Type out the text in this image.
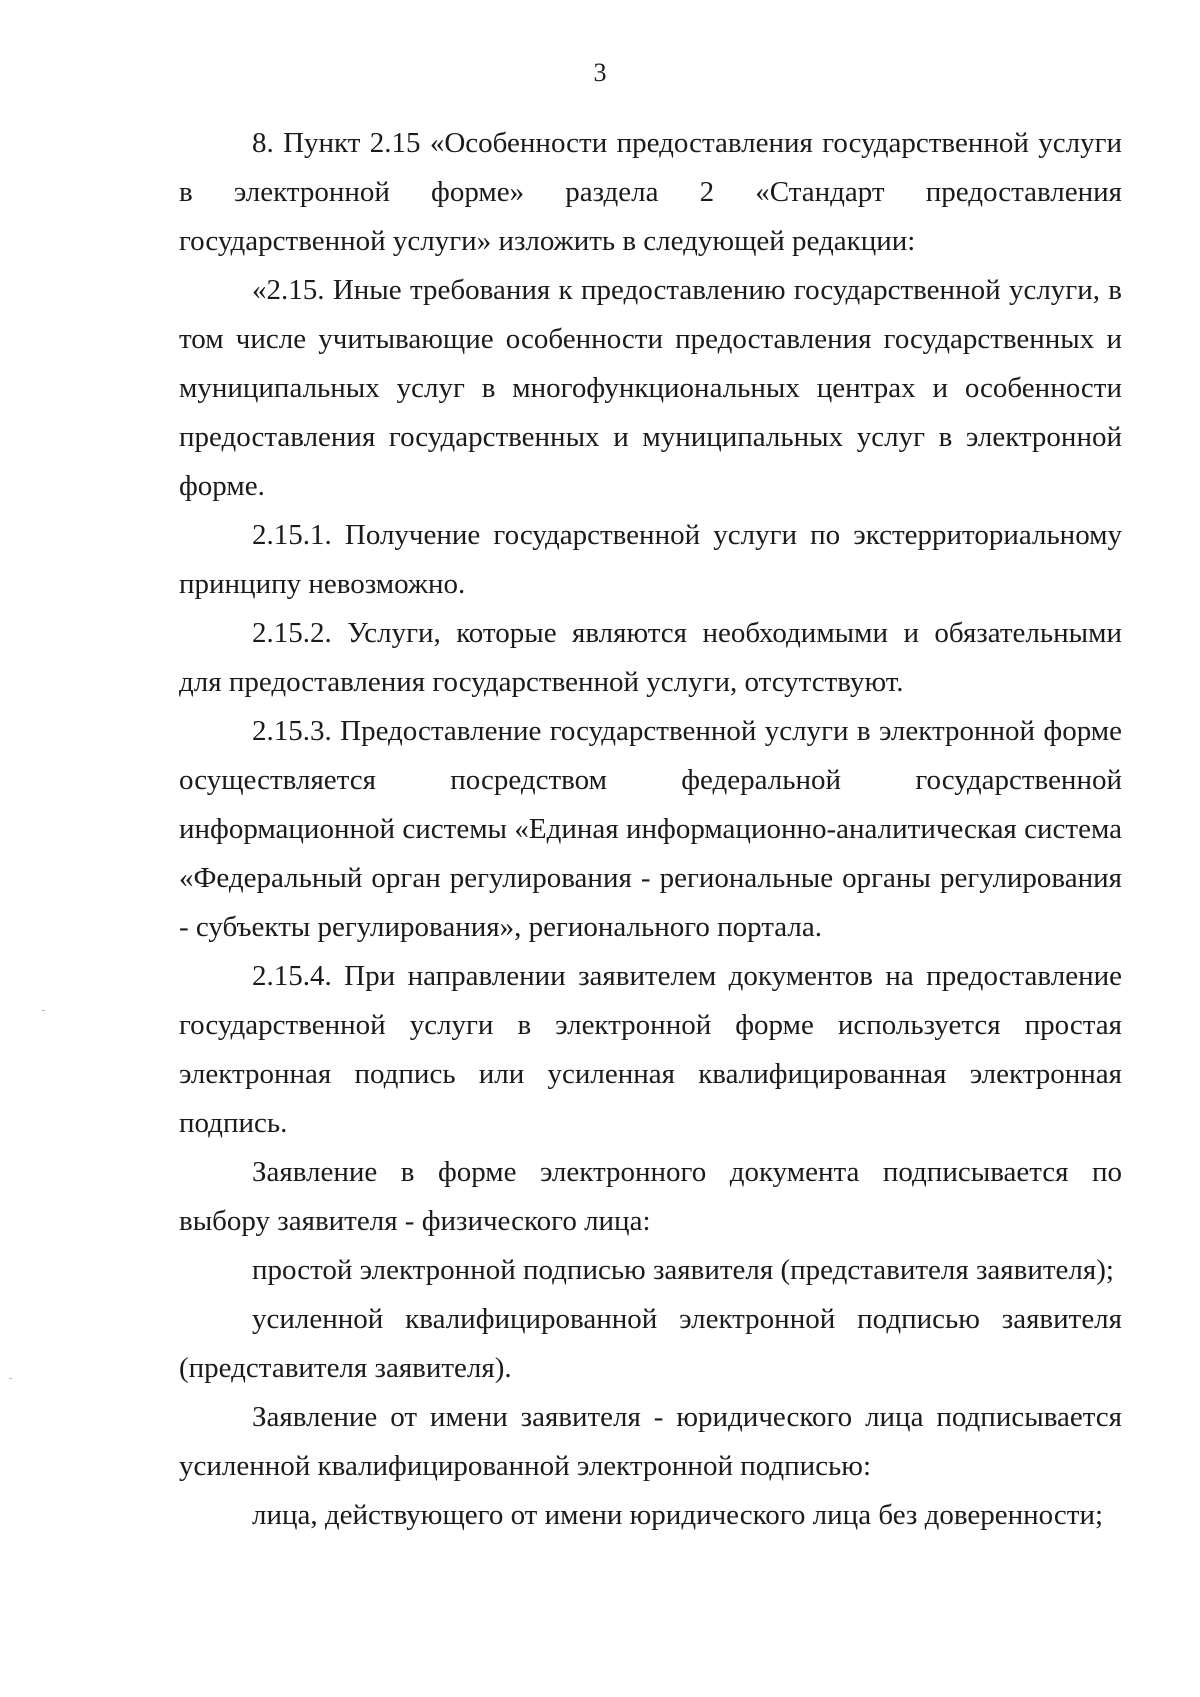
3

8. Пункт 2.15 «Особенности предоставления государственной услуги в электронной форме» раздела 2 «Стандарт предоставления государственной услуги» изложить в следующей редакции:

«2.15. Иные требования к предоставлению государственной услуги, в том числе учитывающие особенности предоставления государственных и муниципальных услуг в многофункциональных центрах и особенности предоставления государственных и муниципальных услуг в электронной форме.

2.15.1. Получение государственной услуги по экстерриториальному принципу невозможно.

2.15.2. Услуги, которые являются необходимыми и обязательными для предоставления государственной услуги, отсутствуют.

2.15.3. Предоставление государственной услуги в электронной форме осуществляется посредством федеральной государственной информационной системы «Единая информационно-аналитическая система «Федеральный орган регулирования - региональные органы регулирования - субъекты регулирования», регионального портала.

2.15.4. При направлении заявителем документов на предоставление государственной услуги в электронной форме используется простая электронная подпись или усиленная квалифицированная электронная подпись.

Заявление в форме электронного документа подписывается по выбору заявителя - физического лица:

простой электронной подписью заявителя (представителя заявителя);

усиленной квалифицированной электронной подписью заявителя (представителя заявителя).

Заявление от имени заявителя - юридического лица подписывается усиленной квалифицированной электронной подписью:

лица, действующего от имени юридического лица без доверенности;
